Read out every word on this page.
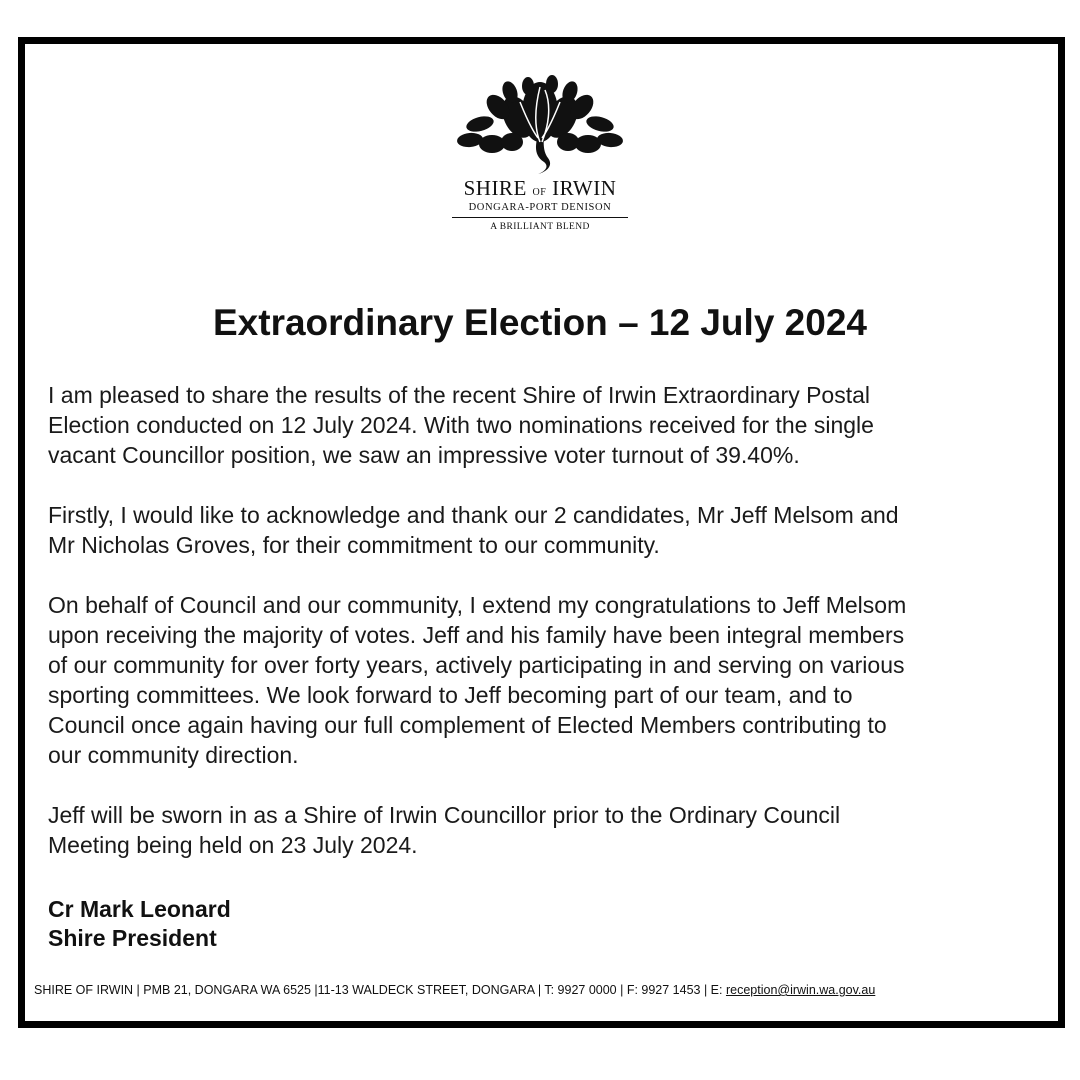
SHIRE OF IRWIN
DONGARA-PORT DENISON
A BRILLIANT BLEND
Extraordinary Election – 12 July 2024
I am pleased to share the results of the recent Shire of Irwin Extraordinary Postal
Election conducted on 12 July 2024. With two nominations received for the single
vacant Councillor position, we saw an impressive voter turnout of 39.40%.
Firstly, I would like to acknowledge and thank our 2 candidates, Mr Jeff Melsom and
Mr Nicholas Groves, for their commitment to our community.
On behalf of Council and our community, I extend my congratulations to Jeff Melsom
upon receiving the majority of votes. Jeff and his family have been integral members
of our community for over forty years, actively participating in and serving on various
sporting committees. We look forward to Jeff becoming part of our team, and to
Council once again having our full complement of Elected Members contributing to
our community direction.
Jeff will be sworn in as a Shire of Irwin Councillor prior to the Ordinary Council
Meeting being held on 23 July 2024.
Cr Mark Leonard
Shire President
SHIRE OF IRWIN | PMB 21, DONGARA WA 6525 |11-13 WALDECK STREET, DONGARA | T: 9927 0000 | F: 9927 1453 | E: reception@irwin.wa.gov.au
